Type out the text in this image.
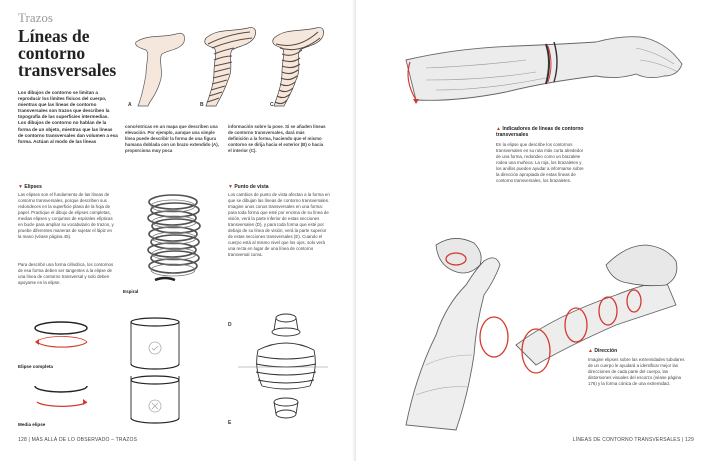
Trazos
Líneas de
contorno
transversales
Los dibujos de contorno se limitan a reproducir los límites físicos del cuerpo, mientras que las líneas de contorno transversales son trazos que describen la topografía de las superficies intermedias. Los dibujos de contorno no hablan de la forma de un objeto, mientras que las líneas de contorno transversales dan volumen a esa forma. Actúan al modo de las líneas
concéntricas en un mapa que describen una elevación. Por ejemplo, aunque una simple línea puede describir la forma de una figura humana doblada con un brazo extendido (A), proporciona muy poca
información sobre la pose. Si se añaden líneas de contorno transversales, dará más definición a la forma, haciendo que el mismo contorno se dirija hacia el exterior (B) o hacia el interior (C).
A	B	C
▼ Elipses
Las elipses son el fundamento de las líneas de contorno transversales, porque describen sus redondeces en la superficie plana de la hoja de papel. Practique el dibujo de elipses completas, medias elipses y conjuntos de espirales elípticas en bucle para ampliar su vocabulario de trazos, y pruebe diferentes maneras de sujetar el lápiz en la mano (véase página 45).
Para describir una forma cilíndrica, los contornos de esa forma deben ser tangentes a la elipse de una línea de contorno transversal y solo deben apoyarse en la elipse.
Espiral
▼ Punto de vista
Los cambios de punto de vista afectan a la forma en que se dibujan las líneas de contorno transversales. Imagine unos conos transversales en una forma: para toda forma que esté por encima de su línea de visión, verá la parte inferior de estas secciones transversales (D), y para toda forma que esté por debajo de su línea de visión, verá la parte superior de estas secciones transversales (E). Cuando el cuerpo está al mismo nivel que los ojos, solo verá una recta en lugar de una línea de contorno transversal curva.
Elipse completa
Media elipse
D
E
128 | MÁS ALLÁ DE LO OBSERVADO – TRAZOS
▲ Indicadores de líneas de contorno transversales
En la elipse que describe los contornos transversales en su ruta más corta alrededor de una forma, redondeo como un brazalete rodea una muñeca. La roja, los brazaletes y los anillos pueden ayudar a informarse sobre la dirección apropiada de estas líneas de contorno transversales, los brazaletes.
▲ Dirección
Imagine elipses sobre las extremidades tubulares de un cuerpo le ayudará a identificar mejor las direcciones de cada parte del cuerpo, las distorsiones visuales del escorzo (véase página 176) y la forma cónica de una extremidad.
LÍNEAS DE CONTORNO TRANSVERSALES | 129
